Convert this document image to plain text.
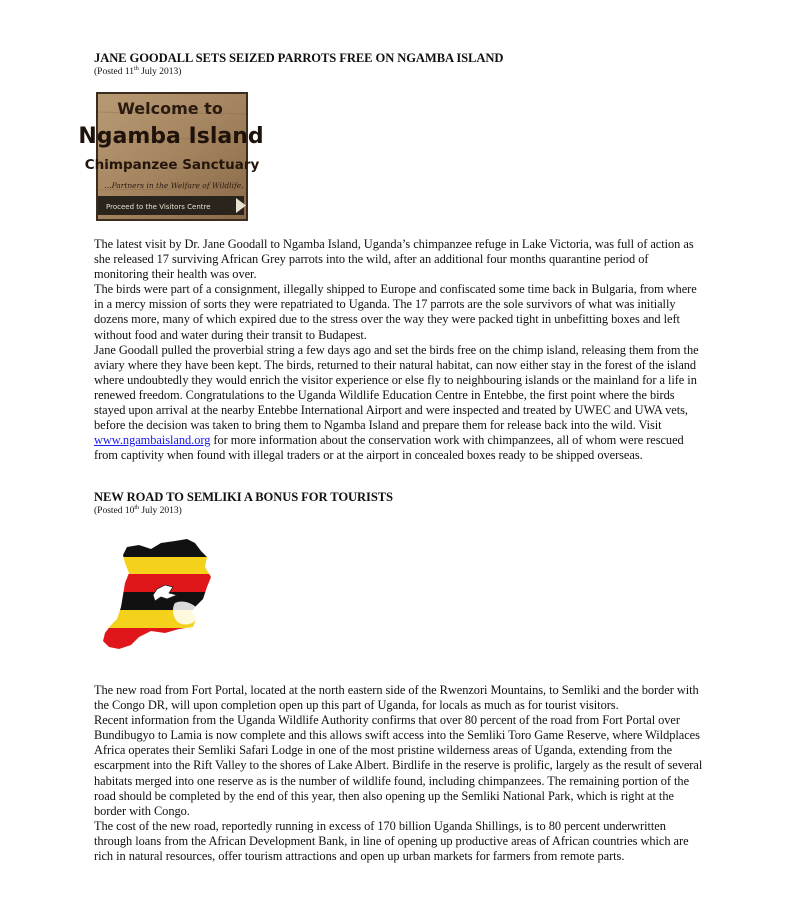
JANE GOODALL SETS SEIZED PARROTS FREE ON NGAMBA ISLAND
(Posted 11th July 2013)
Welcome to
Ngamba Island
Chimpanzee Sanctuary
...Partners in the Welfare of Wildlife.
Proceed to the Visitors Centre

The latest visit by Dr. Jane Goodall to Ngamba Island, Uganda’s chimpanzee refuge in Lake Victoria, was full of action as she released 17 surviving African Grey parrots into the wild, after an additional four months quarantine period of monitoring their health was over.

The birds were part of a consignment, illegally shipped to Europe and confiscated some time back in Bulgaria, from where in a mercy mission of sorts they were repatriated to Uganda. The 17 parrots are the sole survivors of what was initially dozens more, many of which expired due to the stress over the way they were packed tight in unbefitting boxes and left without food and water during their transit to Budapest.

Jane Goodall pulled the proverbial string a few days ago and set the birds free on the chimp island, releasing them from the aviary where they have been kept. The birds, returned to their natural habitat, can now either stay in the forest of the island where undoubtedly they would enrich the visitor experience or else fly to neighbouring islands or the mainland for a life in renewed freedom. Congratulations to the Uganda Wildlife Education Centre in Entebbe, the first point where the birds stayed upon arrival at the nearby Entebbe International Airport and were inspected and treated by UWEC and UWA vets, before the decision was taken to bring them to Ngamba Island and prepare them for release back into the wild. Visit www.ngambaisland.org for more information about the conservation work with chimpanzees, all of whom were rescued from captivity when found with illegal traders or at the airport in concealed boxes ready to be shipped overseas.

NEW ROAD TO SEMLIKI A BONUS FOR TOURISTS
(Posted 10th July 2013)

The new road from Fort Portal, located at the north eastern side of the Rwenzori Mountains, to Semliki and the border with the Congo DR, will upon completion open up this part of Uganda, for locals as much as for tourist visitors.

Recent information from the Uganda Wildlife Authority confirms that over 80 percent of the road from Fort Portal over Bundibugyo to Lamia is now complete and this allows swift access into the Semliki Toro Game Reserve, where Wildplaces Africa operates their Semliki Safari Lodge in one of the most pristine wilderness areas of Uganda, extending from the escarpment into the Rift Valley to the shores of Lake Albert. Birdlife in the reserve is prolific, largely as the result of several habitats merged into one reserve as is the number of wildlife found, including chimpanzees. The remaining portion of the road should be completed by the end of this year, then also opening up the Semliki National Park, which is right at the border with Congo.

The cost of the new road, reportedly running in excess of 170 billion Uganda Shillings, is to 80 percent underwritten through loans from the African Development Bank, in line of opening up productive areas of African countries which are rich in natural resources, offer tourism attractions and open up urban markets for farmers from remote parts.
